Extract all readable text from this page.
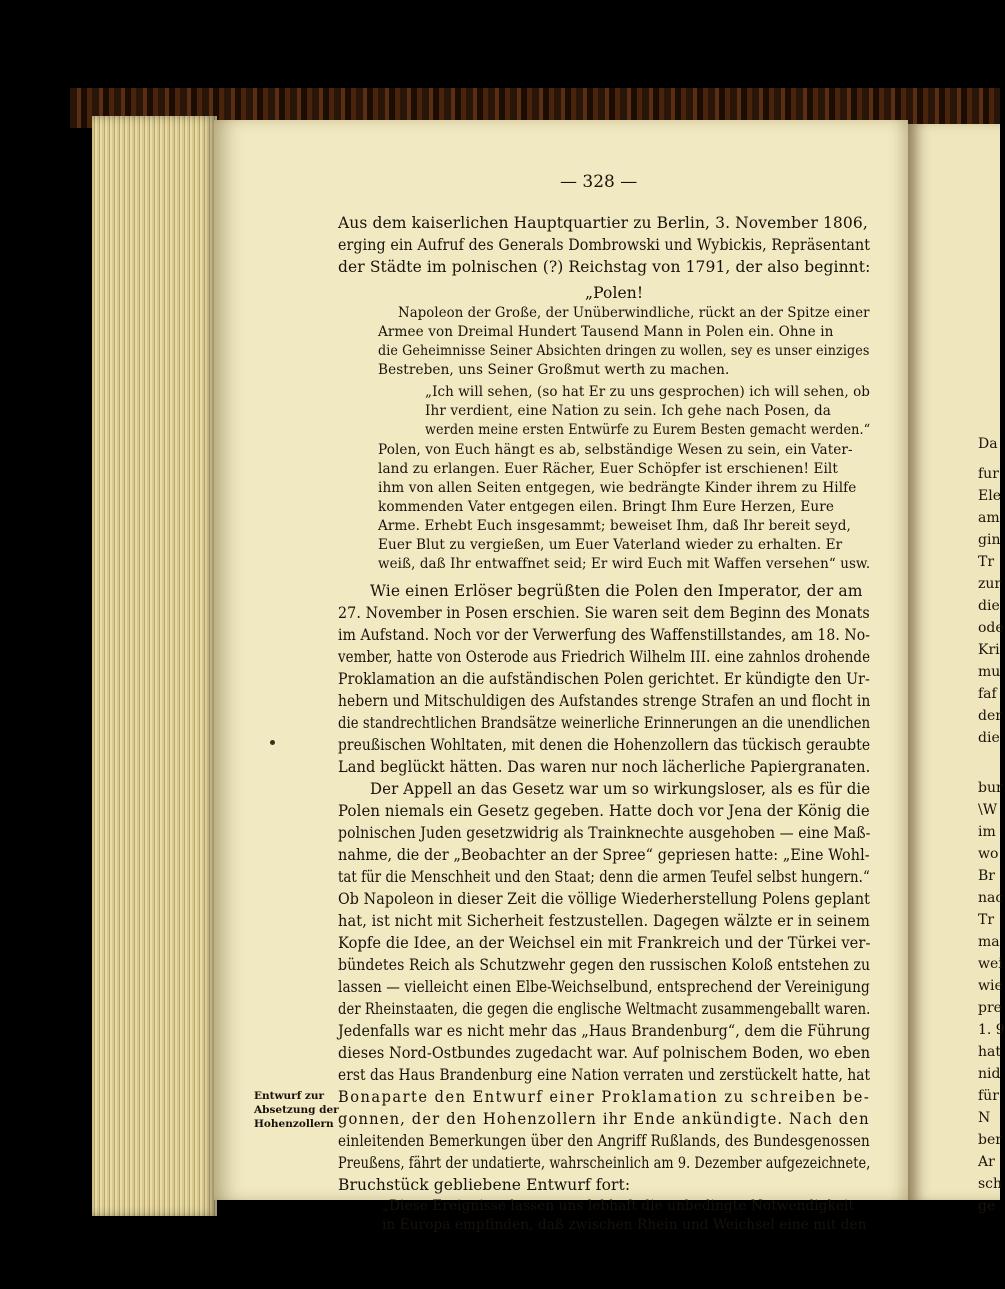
Da
fur
Ele
am
gin
Tr
zur
die
ode
Kri
mu
faf
der
die
bur
\W
im
wo
Br
nac
Tr
ma
wei
wie
pre
1. 9
hat
nid
für
N
ber
Ar
sch
ge
— 328 —
Aus dem kaiserlichen Hauptquartier zu Berlin, 3. November 1806,
erging ein Aufruf des Generals Dombrowski und Wybickis, Repräsentant
der Städte im polnischen (?) Reichstag von 1791, der also beginnt:
„Polen!
Napoleon der Große, der Unüberwindliche, rückt an der Spitze einer
Armee von Dreimal Hundert Tausend Mann in Polen ein. Ohne in
die Geheimnisse Seiner Absichten dringen zu wollen, sey es unser einziges
Bestreben, uns Seiner Großmut werth zu machen.
„Ich will sehen, (so hat Er zu uns gesprochen) ich will sehen, ob
Ihr verdient, eine Nation zu sein. Ich gehe nach Posen, da
werden meine ersten Entwürfe zu Eurem Besten gemacht werden.“
Polen, von Euch hängt es ab, selbständige Wesen zu sein, ein Vater-
land zu erlangen. Euer Rächer, Euer Schöpfer ist erschienen! Eilt
ihm von allen Seiten entgegen, wie bedrängte Kinder ihrem zu Hilfe
kommenden Vater entgegen eilen. Bringt Ihm Eure Herzen, Eure
Arme. Erhebt Euch insgesammt; beweiset Ihm, daß Ihr bereit seyd,
Euer Blut zu vergießen, um Euer Vaterland wieder zu erhalten. Er
weiß, daß Ihr entwaffnet seid; Er wird Euch mit Waffen versehen“ usw.
Wie einen Erlöser begrüßten die Polen den Imperator, der am
27. November in Posen erschien. Sie waren seit dem Beginn des Monats
im Aufstand. Noch vor der Verwerfung des Waffenstillstandes, am 18. No-
vember, hatte von Osterode aus Friedrich Wilhelm III. eine zahnlos drohende
Proklamation an die aufständischen Polen gerichtet. Er kündigte den Ur-
hebern und Mitschuldigen des Aufstandes strenge Strafen an und flocht in
die standrechtlichen Brandsätze weinerliche Erinnerungen an die unendlichen
preußischen Wohltaten, mit denen die Hohenzollern das tückisch geraubte
Land beglückt hätten. Das waren nur noch lächerliche Papiergranaten.
Der Appell an das Gesetz war um so wirkungsloser, als es für die
Polen niemals ein Gesetz gegeben. Hatte doch vor Jena der König die
polnischen Juden gesetzwidrig als Trainknechte ausgehoben — eine Maß-
nahme, die der „Beobachter an der Spree“ gepriesen hatte: „Eine Wohl-
tat für die Menschheit und den Staat; denn die armen Teufel selbst hungern.“
Ob Napoleon in dieser Zeit die völlige Wiederherstellung Polens geplant
hat, ist nicht mit Sicherheit festzustellen. Dagegen wälzte er in seinem
Kopfe die Idee, an der Weichsel ein mit Frankreich und der Türkei ver-
bündetes Reich als Schutzwehr gegen den russischen Koloß entstehen zu
lassen — vielleicht einen Elbe-Weichselbund, entsprechend der Vereinigung
der Rheinstaaten, die gegen die englische Weltmacht zusammengeballt waren.
Jedenfalls war es nicht mehr das „Haus Brandenburg“, dem die Führung
dieses Nord-Ostbundes zugedacht war. Auf polnischem Boden, wo eben
erst das Haus Brandenburg eine Nation verraten und zerstückelt hatte, hat
Bonaparte den Entwurf einer Proklamation zu schreiben be-
gonnen, der den Hohenzollern ihr Ende ankündigte. Nach den
einleitenden Bemerkungen über den Angriff Rußlands, des Bundesgenossen
Preußens, fährt der undatierte, wahrscheinlich am 9. Dezember aufgezeichnete,
Bruchstück gebliebene Entwurf fort:
„Diese Ereignisse lassen uns lebhaft die unbedingte Notwendigkeit
in Europa empfinden, daß zwischen Rhein und Weichsel eine mit den
Entwurf zur
Absetzung der
Hohenzollern
